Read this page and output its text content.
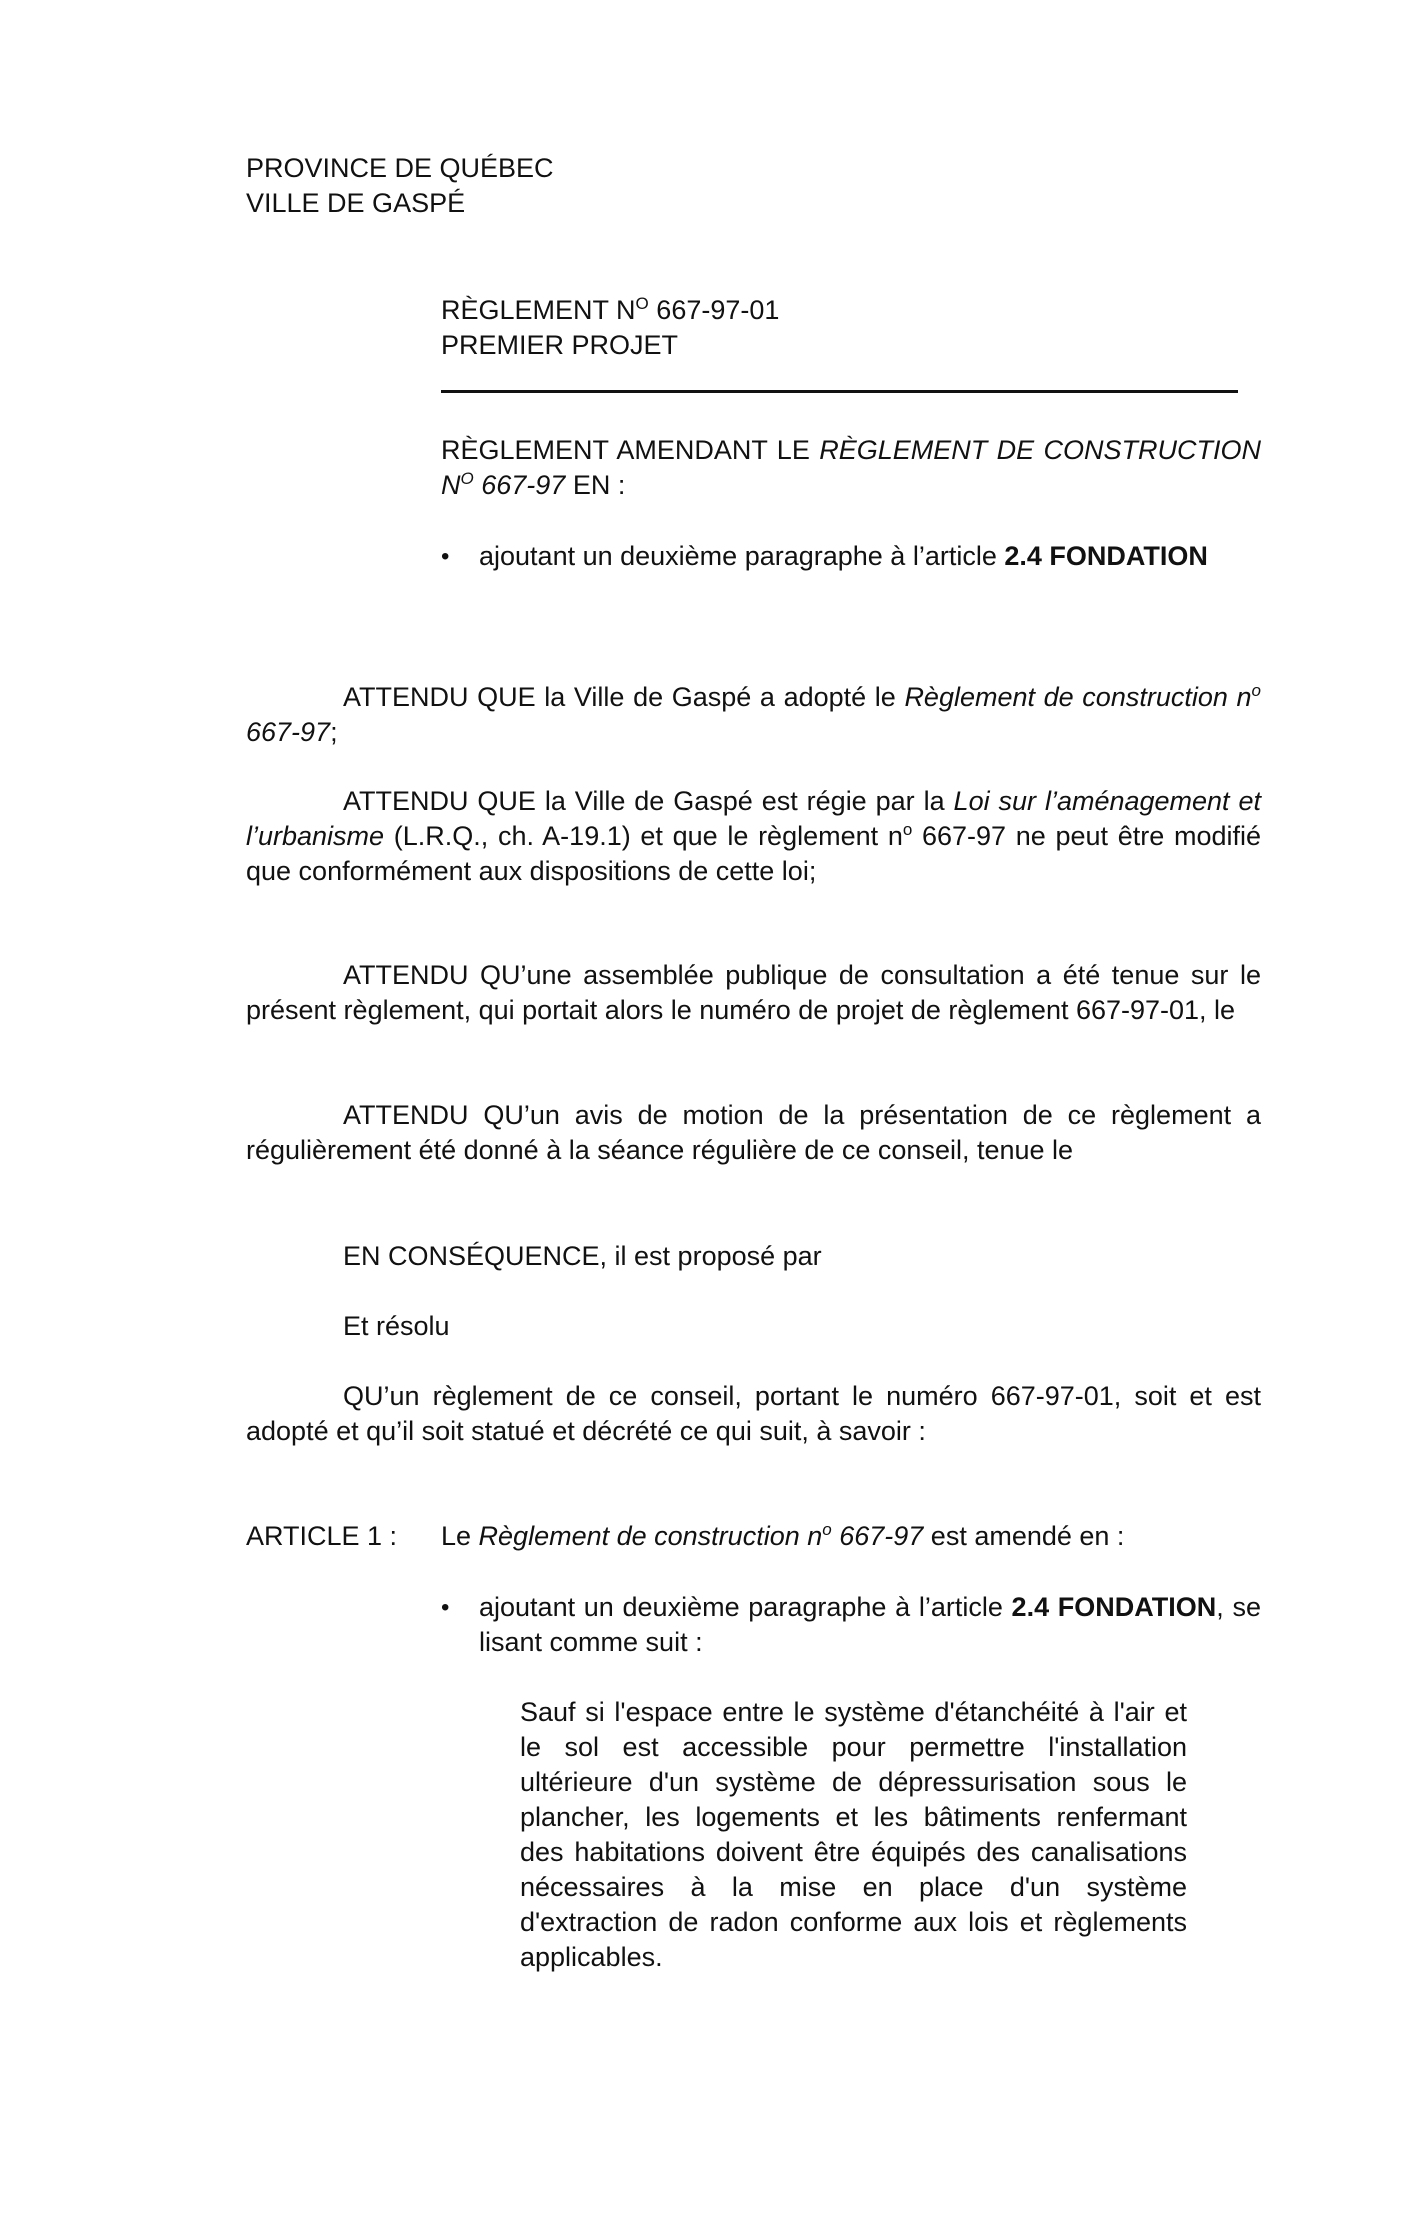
PROVINCE DE QUÉBEC
VILLE DE GASPÉ
RÈGLEMENT $N^O$ 667-97-01
PREMIER PROJET
RÈGLEMENT AMENDANT LE RÈGLEMENT DE CONSTRUCTION $N^O$ 667-97 EN :
•	ajoutant un deuxième paragraphe à l’article 2.4 FONDATION
ATTENDU QUE la Ville de Gaspé a adopté le Règlement de construction $n^o$ 667-97;
ATTENDU QUE la Ville de Gaspé est régie par la Loi sur l’aménagement et l’urbanisme (L.R.Q., ch. A-19.1) et que le règlement $n^o$ 667-97 ne peut être modifié que conformément aux dispositions de cette loi;
ATTENDU QU’une assemblée publique de consultation a été tenue sur le présent règlement, qui portait alors le numéro de projet de règlement 667-97-01, le
ATTENDU QU’un avis de motion de la présentation de ce règlement a régulièrement été donné à la séance régulière de ce conseil, tenue le
EN CONSÉQUENCE, il est proposé par
Et résolu
QU’un règlement de ce conseil, portant le numéro 667-97-01, soit et est adopté et qu’il soit statué et décrété ce qui suit, à savoir :
ARTICLE 1 :	Le Règlement de construction $n^o$ 667-97 est amendé en :
•	ajoutant un deuxième paragraphe à l’article 2.4 FONDATION, se lisant comme suit :
Sauf si l'espace entre le système d'étanchéité à l'air et le sol est accessible pour permettre l'installation ultérieure d'un système de dépressurisation sous le plancher, les logements et les bâtiments renfermant des habitations doivent être équipés des canalisations nécessaires à la mise en place d'un système d'extraction de radon conforme aux lois et règlements applicables.
